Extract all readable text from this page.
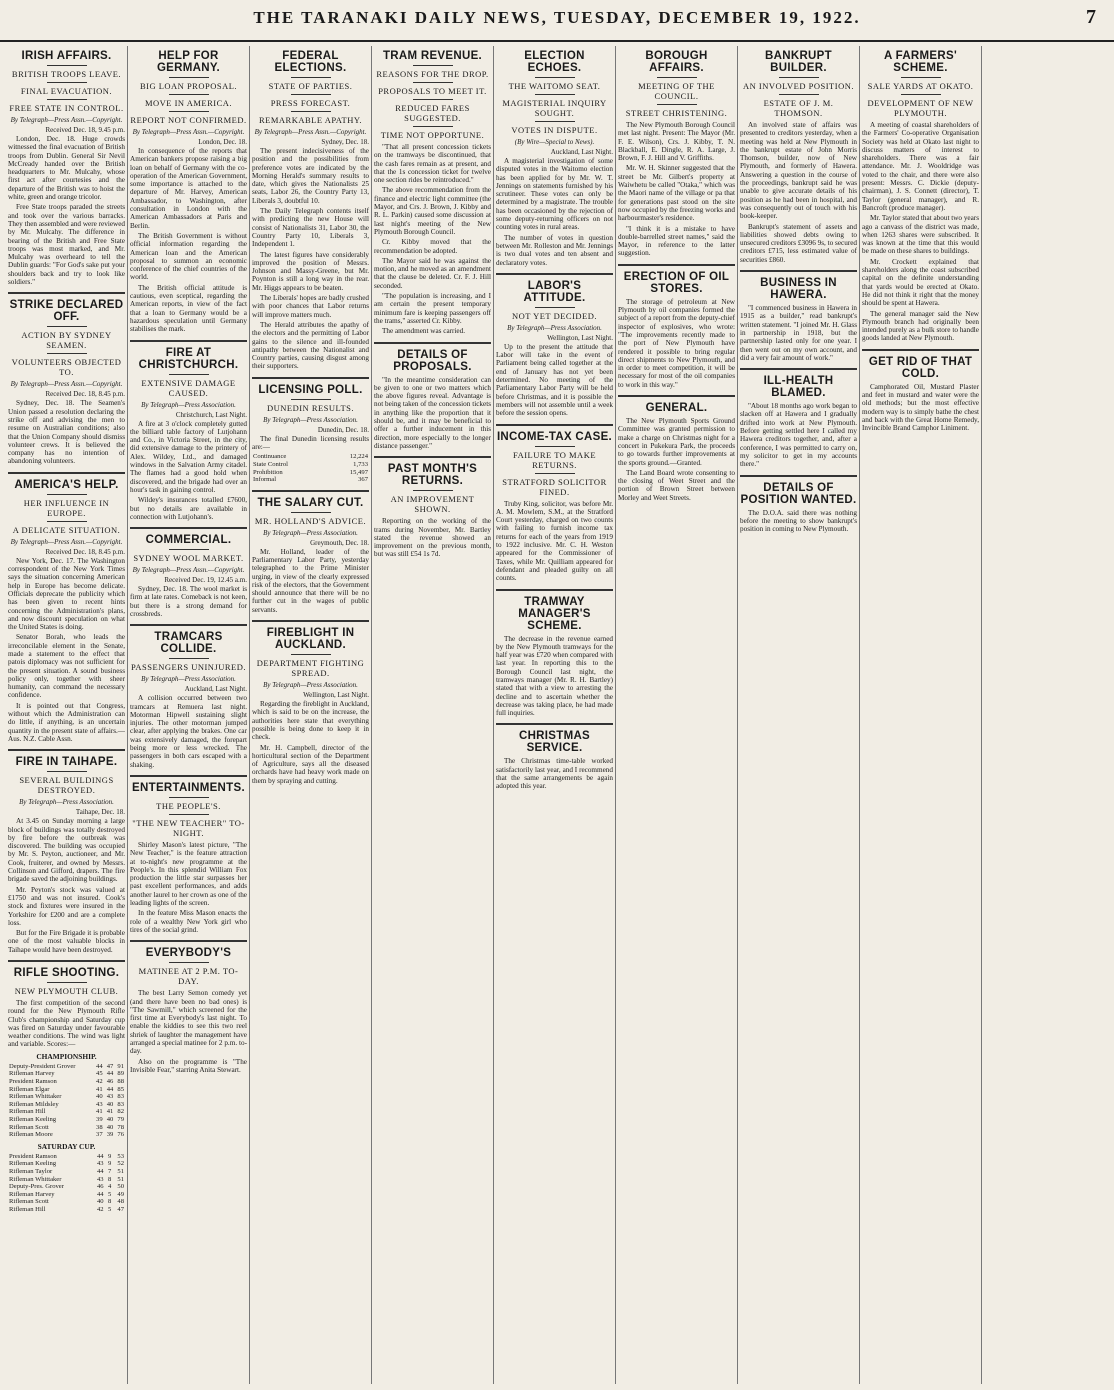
THE TARANAKI DAILY NEWS, TUESDAY, DECEMBER 19, 1922.	7
IRISH AFFAIRS.
BRITISH TROOPS LEAVE.
FINAL EVACUATION.
FREE STATE IN CONTROL.
By Telegraph—Press Assn.—Copyright.
Received Dec. 18, 9.45 p.m.

London, Dec. 18. Huge crowds witnessed the final evacuation of British troops from Dublin. General Sir Nevil McCready handed over the British headquarters to Mr. Mulcahy, whose first act after courtesies and the departure of the British was to hoist the white, green and orange tricolor.

Free State troops paraded the streets and took over the various barracks. They then assembled and were reviewed by Mr. Mulcahy. The difference in bearing of the British and Free State troops was most marked, and Mr. Mulcahy was overheard to tell the Dublin guards: "For God's sake put your shoulders back and try to look like soldiers."

STRIKE DECLARED OFF.
ACTION BY SYDNEY SEAMEN.
VOLUNTEERS OBJECTED TO.
By Telegraph—Press Assn.—Copyright.
Received Dec. 18, 8.45 p.m.

Sydney, Dec. 18. The Seamen's Union passed a resolution declaring the strike off and advising the men to resume on Australian conditions; also that the Union Company should dismiss volunteer crews. It is believed the company has no intention of abandoning volunteers.

AMERICA'S HELP.
HER INFLUENCE IN EUROPE.
A DELICATE SITUATION.
By Telegraph—Press Assn.—Copyright.
Received Dec. 18, 8.45 p.m.

New York, Dec. 17. The Washington correspondent of the New York Times says the situation concerning American help in Europe has become delicate. Officials deprecate the publicity which has been given to recent hints concerning the Administration's plans, and now discount speculation on what the United States is doing.

Senator Borah, who leads the irreconcilable element in the Senate, made a statement to the effect that patois diplomacy was not sufficient for the present situation. A sound business policy only, together with sheer humanity, can command the necessary confidence.

It is pointed out that Congress, without which the Administration can do little, if anything, is an uncertain quantity in the present state of affairs.—Aus. N.Z. Cable Assn.

FIRE IN TAIHAPE.
SEVERAL BUILDINGS DESTROYED.
By Telegraph—Press Association.
Taihape, Dec. 18.

At 3.45 on Sunday morning a large block of buildings was totally destroyed by fire before the outbreak was discovered. The building was occupied by Mr. S. Peyton, auctioneer, and Mr. Cook, fruiterer, and owned by Messrs. Collinson and Gifford, drapers. The fire brigade saved the adjoining buildings.

Mr. Peyton's stock was valued at £1750 and was not insured. Cook's stock and fixtures were insured in the Yorkshire for £200 and are a complete loss.

But for the Fire Brigade it is probable one of the most valuable blocks in Taihape would have been destroyed.

RIFLE SHOOTING.
NEW PLYMOUTH CLUB.

The first competition of the second round for the New Plymouth Rifle Club's championship and Saturday cup was fired on Saturday under favourable weather conditions. The wind was light and variable. Scores:—

CHAMPIONSHIP.
Deputy-President Grover	44	47	91
Rifleman Harvey	45	44	89
President Ramson	42	46	88
Rifleman Elgar	41	44	85
Rifleman Whittaker	40	43	83
Rifleman Mildsley	43	40	83
Rifleman Hill	41	41	82
Rifleman Keeling	39	40	79
Rifleman Scott	38	40	78
Rifleman Moore	37	39	76
SATURDAY CUP.
President Ramson	44	9	53
Rifleman Keeling	43	9	52
Rifleman Taylor	44	7	51
Rifleman Whittaker	43	8	51
Deputy-Pres. Grover	46	4	50
Rifleman Harvey	44	5	49
Rifleman Scott	40	8	48
Rifleman Hill	42	5	47
HELP FOR GERMANY.
BIG LOAN PROPOSAL.
MOVE IN AMERICA.
REPORT NOT CONFIRMED.
By Telegraph—Press Assn.—Copyright.
London, Dec. 18.

In consequence of the reports that American bankers propose raising a big loan on behalf of Germany with the co-operation of the American Government, some importance is attached to the departure of Mr. Harvey, American Ambassador, to Washington, after consultation in London with the American Ambassadors at Paris and Berlin.

The British Government is without official information regarding the American loan and the American proposal to summon an economic conference of the chief countries of the world.

The British official attitude is cautious, even sceptical, regarding the American reports, in view of the fact that a loan to Germany would be a hazardous speculation until Germany stabilises the mark.

FIRE AT CHRISTCHURCH.
EXTENSIVE DAMAGE CAUSED.
By Telegraph—Press Association.
Christchurch, Last Night.

A fire at 3 o'clock completely gutted the billiard table factory of Lutjohann and Co., in Victoria Street, in the city, did extensive damage to the printery of Alex. Wildey, Ltd., and damaged windows in the Salvation Army citadel. The flames had a good hold when discovered, and the brigade had over an hour's task in gaining control.

Wildey's insurances totalled £7600, but no details are available in connection with Lutjohann's.

COMMERCIAL.
SYDNEY WOOL MARKET.
By Telegraph—Press Assn.—Copyright.
Received Dec. 19, 12.45 a.m.

Sydney, Dec. 18. The wool market is firm at late rates. Comeback is not keen, but there is a strong demand for crossbreds.

TRAMCARS COLLIDE.
PASSENGERS UNINJURED.
By Telegraph—Press Association.
Auckland, Last Night.

A collision occurred between two tramcars at Remuera last night. Motorman Hipwell sustaining slight injuries. The other motorman jumped clear, after applying the brakes. One car was extensively damaged, the forepart being more or less wrecked. The passengers in both cars escaped with a shaking.

ENTERTAINMENTS.
THE PEOPLE'S.
"THE NEW TEACHER" TO-NIGHT.

Shirley Mason's latest picture, "The New Teacher," is the feature attraction at to-night's new programme at the People's. In this splendid William Fox production the little star surpasses her past excellent performances, and adds another laurel to her crown as one of the leading lights of the screen.

In the feature Miss Mason enacts the role of a wealthy New York girl who tires of the social grind.

EVERYBODY'S
MATINEE AT 2 P.M. TO-DAY.

The best Larry Semon comedy yet (and there have been no bad ones) is "The Sawmill," which screened for the first time at Everybody's last night. To enable the kiddies to see this two reel shriek of laughter the management have arranged a special matinee for 2 p.m. to-day.

Also on the programme is "The Invisible Fear," starring Anita Stewart.

FEDERAL ELECTIONS.
STATE OF PARTIES.
PRESS FORECAST.
REMARKABLE APATHY.
By Telegraph—Press Assn.—Copyright.
Sydney, Dec. 18.

The present indecisiveness of the position and the possibilities from preference votes are indicated by the Morning Herald's summary results to date, which gives the Nationalists 25 seats, Labor 26, the Country Party 13, Liberals 3, doubtful 10.

The Daily Telegraph contents itself with predicting the new House will consist of Nationalists 31, Labor 30, the Country Party 10, Liberals 3, Independent 1.

The latest figures have considerably improved the position of Messrs. Johnson and Massy-Greene, but Mr. Poynton is still a long way in the rear. Mr. Higgs appears to be beaten.

The Liberals' hopes are badly crushed with poor chances that Labor returns will improve matters much.

The Herald attributes the apathy of the electors and the permitting of Labor gains to the silence and ill-founded antipathy between the Nationalist and Country parties, causing disgust among their supporters.

LICENSING POLL.
DUNEDIN RESULTS.
By Telegraph—Press Association.
Dunedin, Dec. 18.

The final Dunedin licensing results are:—

Continuance			12,224
State Control			1,733
Prohibition			15,497
Informal			367
THE SALARY CUT.
MR. HOLLAND'S ADVICE.
By Telegraph—Press Association.
Greymouth, Dec. 18.

Mr. Holland, leader of the Parliamentary Labor Party, yesterday telegraphed to the Prime Minister urging, in view of the clearly expressed risk of the electors, that the Government should announce that there will be no further cut in the wages of public servants.

FIREBLIGHT IN AUCKLAND.
DEPARTMENT FIGHTING SPREAD.
By Telegraph—Press Association.
Wellington, Last Night.

Regarding the fireblight in Auckland, which is said to be on the increase, the authorities here state that everything possible is being done to keep it in check.

Mr. H. Campbell, director of the horticultural section of the Department of Agriculture, says all the diseased orchards have had heavy work made on them by spraying and cutting.

TRAM REVENUE.
REASONS FOR THE DROP.
PROPOSALS TO MEET IT.
REDUCED FARES SUGGESTED.
TIME NOT OPPORTUNE.

"That all present concession tickets on the tramways be discontinued, that the cash fares remain as at present, and that the 1s concession ticket for twelve one section rides be reintroduced."

The above recommendation from the finance and electric light committee (the Mayor, and Crs. J. Brown, J. Kibby and R. L. Parkin) caused some discussion at last night's meeting of the New Plymouth Borough Council.

Cr. Kibby moved that the recommendation be adopted.

The Mayor said he was against the motion, and he moved as an amendment that the clause be deleted. Cr. F. J. Hill seconded.

"The population is increasing, and I am certain the present temporary minimum fare is keeping passengers off the trams," asserted Cr. Kibby.

The amendment was carried.

DETAILS OF PROPOSALS.

"In the meantime consideration can be given to one or two matters which the above figures reveal. Advantage is not being taken of the concession tickets in anything like the proportion that it should be, and it may be beneficial to offer a further inducement in this direction, more especially to the longer distance passenger."

PAST MONTH'S RETURNS.
AN IMPROVEMENT SHOWN.

Reporting on the working of the trams during November, Mr. Bartley stated the revenue showed an improvement on the previous month, but was still £54 1s 7d.

ELECTION ECHOES.
THE WAITOMO SEAT.
MAGISTERIAL INQUIRY SOUGHT.
VOTES IN DISPUTE.
(By Wire—Special to News).
Auckland, Last Night.

A magisterial investigation of some disputed votes in the Waitomo election has been applied for by Mr. W. T. Jennings on statements furnished by his scrutineer. These votes can only be determined by a magistrate. The trouble has been occasioned by the rejection of some deputy-returning officers on not counting votes in rural areas.

The number of votes in question between Mr. Rolleston and Mr. Jennings is two dual votes and ten absent and declaratory votes.

LABOR'S ATTITUDE.
NOT YET DECIDED.
By Telegraph—Press Association.
Wellington, Last Night.

Up to the present the attitude that Labor will take in the event of Parliament being called together at the end of January has not yet been determined. No meeting of the Parliamentary Labor Party will be held before Christmas, and it is possible the members will not assemble until a week before the session opens.

INCOME-TAX CASE.
FAILURE TO MAKE RETURNS.
STRATFORD SOLICITOR FINED.

Truby King, solicitor, was before Mr. A. M. Mowlem, S.M., at the Stratford Court yesterday, charged on two counts with failing to furnish income tax returns for each of the years from 1919 to 1922 inclusive. Mr. C. H. Weston appeared for the Commissioner of Taxes, while Mr. Quilliam appeared for defendant and pleaded guilty on all counts.

TRAMWAY MANAGER'S SCHEME.

The decrease in the revenue earned by the New Plymouth tramways for the half year was £720 when compared with last year. In reporting this to the Borough Council last night, the tramways manager (Mr. R. H. Bartley) stated that with a view to arresting the decline and to ascertain whether the decrease was taking place, he had made full inquiries.

CHRISTMAS SERVICE.

The Christmas time-table worked satisfactorily last year, and I recommend that the same arrangements be again adopted this year.

BOROUGH AFFAIRS.
MEETING OF THE COUNCIL.
STREET CHRISTENING.

The New Plymouth Borough Council met last night. Present: The Mayor (Mr. F. E. Wilson), Crs. J. Kibby, T. N. Blackball, E. Dingle, R. A. Large, J. Brown, F. J. Hill and V. Griffiths.

Mr. W. H. Skinner suggested that the street be Mr. Gilbert's property at Waiwhetu be called "Otaka," which was the Maori name of the village or pa that for generations past stood on the site now occupied by the freezing works and harbourmaster's residence.

"I think it is a mistake to have double-barrelled street names," said the Mayor, in reference to the latter suggestion.

ERECTION OF OIL STORES.

The storage of petroleum at New Plymouth by oil companies formed the subject of a report from the deputy-chief inspector of explosives, who wrote: "The improvements recently made to the port of New Plymouth have rendered it possible to bring regular direct shipments to New Plymouth, and in order to meet competition, it will be necessary for most of the oil companies to work in this way."

GENERAL.

The New Plymouth Sports Ground Committee was granted permission to make a charge on Christmas night for a concert in Pukekura Park, the proceeds to go towards further improvements at the sports ground.—Granted.

The Land Board wrote consenting to the closing of Weet Street and the portion of Brown Street between Morley and Weet Streets.

BANKRUPT BUILDER.
AN INVOLVED POSITION.
ESTATE OF J. M. THOMSON.

An involved state of affairs was presented to creditors yesterday, when a meeting was held at New Plymouth in the bankrupt estate of John Morris Thomson, builder, now of New Plymouth, and formerly of Hawera. Answering a question in the course of the proceedings, bankrupt said he was unable to give accurate details of his position as he had been in hospital, and was consequently out of touch with his book-keeper.

Bankrupt's statement of assets and liabilities showed debts owing to unsecured creditors £3096 9s, to secured creditors £715, less estimated value of securities £860.

BUSINESS IN HAWERA.

"I commenced business in Hawera in 1915 as a builder," read bankrupt's written statement. "I joined Mr. H. Glass in partnership in 1918, but the partnership lasted only for one year. I then went out on my own account, and did a very fair amount of work."

ILL-HEALTH BLAMED.

"About 18 months ago work began to slacken off at Hawera and I gradually drifted into work at New Plymouth. Before getting settled here I called my Hawera creditors together, and, after a conference, I was permitted to carry on, my solicitor to get in my accounts there."

DETAILS OF POSITION WANTED.

The D.O.A. said there was nothing before the meeting to show bankrupt's position in coming to New Plymouth.

A FARMERS' SCHEME.
SALE YARDS AT OKATO.
DEVELOPMENT OF NEW PLYMOUTH.

A meeting of coastal shareholders of the Farmers' Co-operative Organisation Society was held at Okato last night to discuss matters of interest to shareholders. There was a fair attendance. Mr. J. Wooldridge was voted to the chair, and there were also present: Messrs. C. Dickie (deputy-chairman), J. S. Connett (director), T. Taylor (general manager), and R. Bancroft (produce manager).

Mr. Taylor stated that about two years ago a canvass of the district was made, when 1263 shares were subscribed. It was known at the time that this would be made on these shares to buildings.

Mr. Crockett explained that shareholders along the coast subscribed capital on the definite understanding that yards would be erected at Okato. He did not think it right that the money should be spent at Hawera.

The general manager said the New Plymouth branch had originally been intended purely as a bulk store to handle goods landed at New Plymouth.

GET RID OF THAT COLD.

Camphorated Oil, Mustard Plaster and feet in mustard and water were the old methods; but the most effective modern way is to simply bathe the chest and back with the Great Home Remedy, Invincible Brand Camphor Liniment.
